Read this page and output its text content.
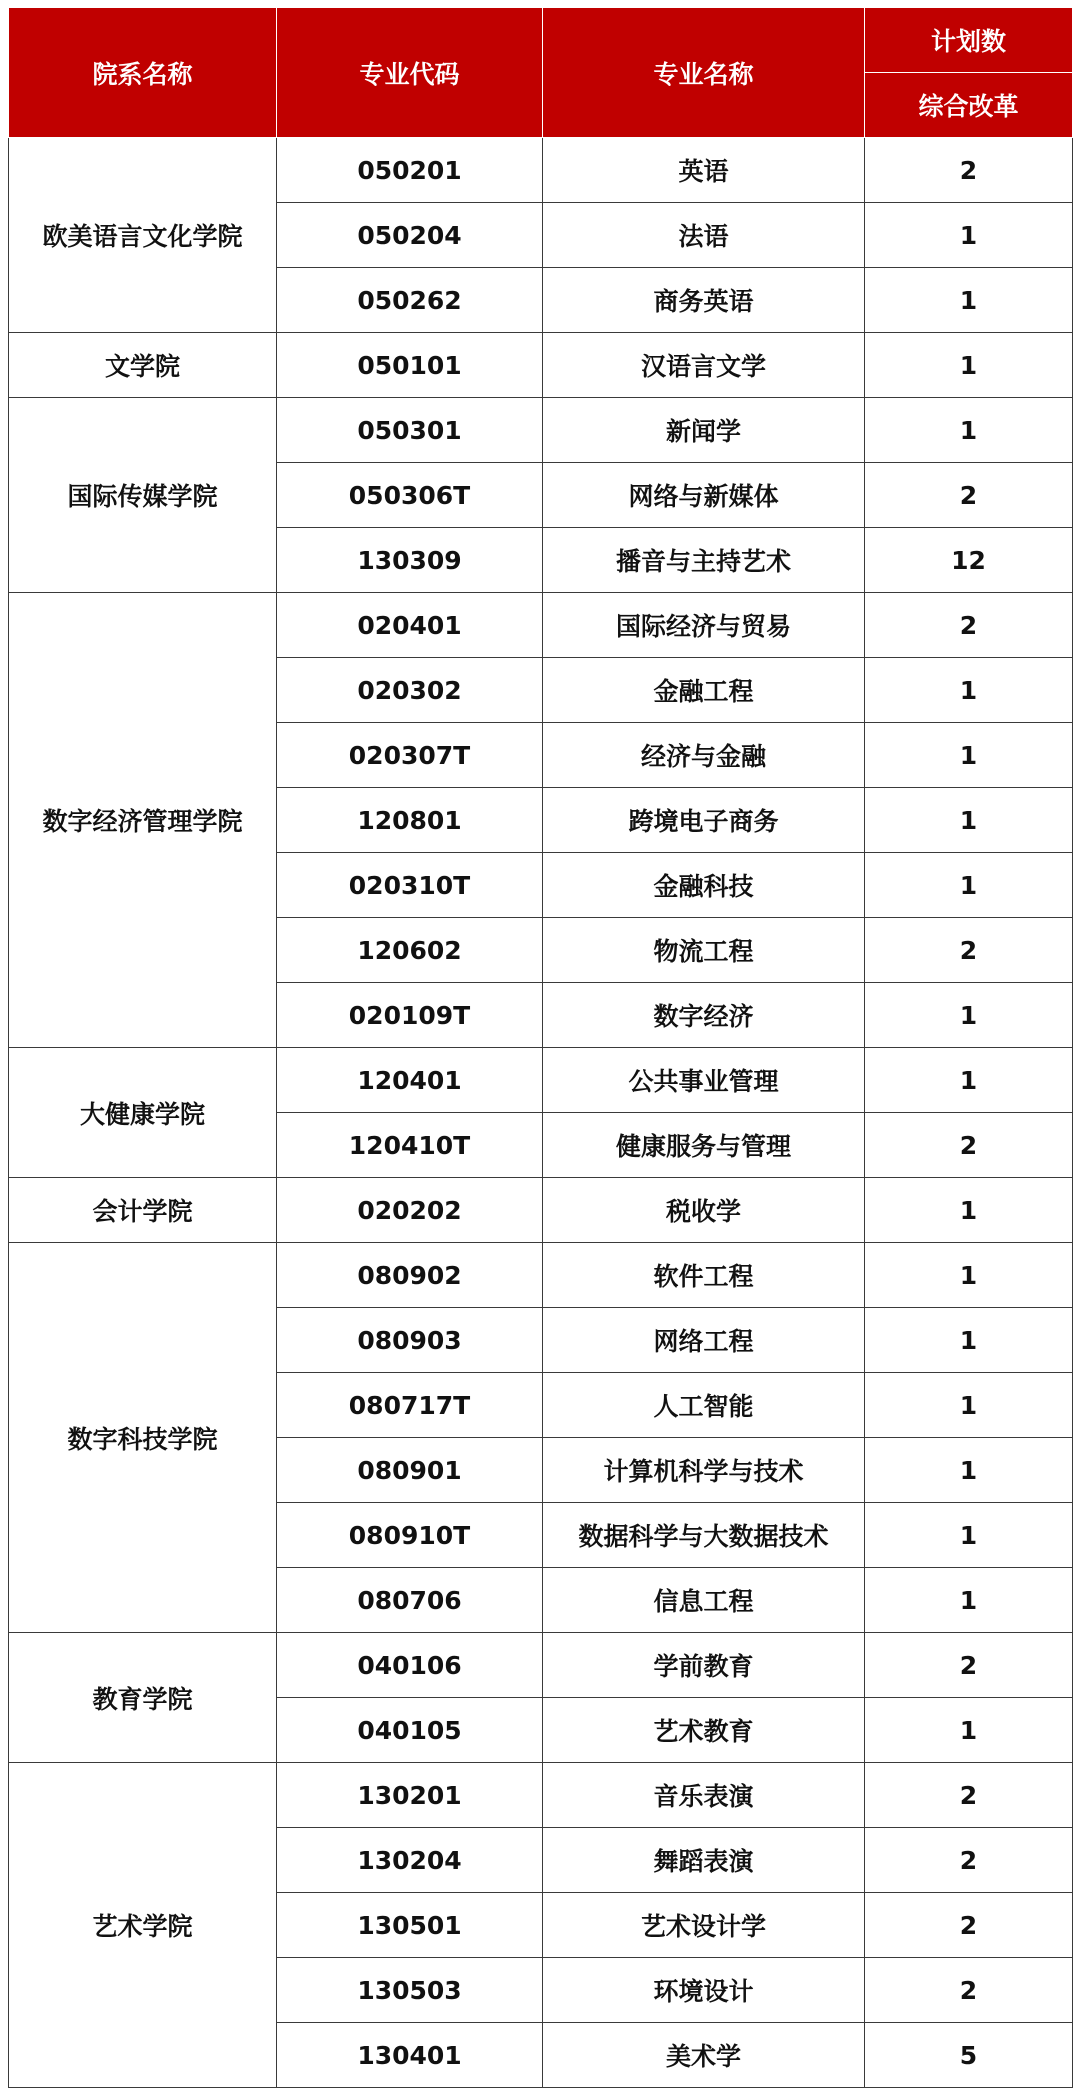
院系名称	专业代码	专业名称	计划数
			综合改革
欧美语言文化学院	050201	英语	2
	050204	法语	1
	050262	商务英语	1
文学院	050101	汉语言文学	1
国际传媒学院	050301	新闻学	1
	050306T	网络与新媒体	2
	130309	播音与主持艺术	12
数字经济管理学院	020401	国际经济与贸易	2
	020302	金融工程	1
	020307T	经济与金融	1
	120801	跨境电子商务	1
	020310T	金融科技	1
	120602	物流工程	2
	020109T	数字经济	1
大健康学院	120401	公共事业管理	1
	120410T	健康服务与管理	2
会计学院	020202	税收学	1
数字科技学院	080902	软件工程	1
	080903	网络工程	1
	080717T	人工智能	1
	080901	计算机科学与技术	1
	080910T	数据科学与大数据技术	1
	080706	信息工程	1
教育学院	040106	学前教育	2
	040105	艺术教育	1
艺术学院	130201	音乐表演	2
	130204	舞蹈表演	2
	130501	艺术设计学	2
	130503	环境设计	2
	130401	美术学	5
